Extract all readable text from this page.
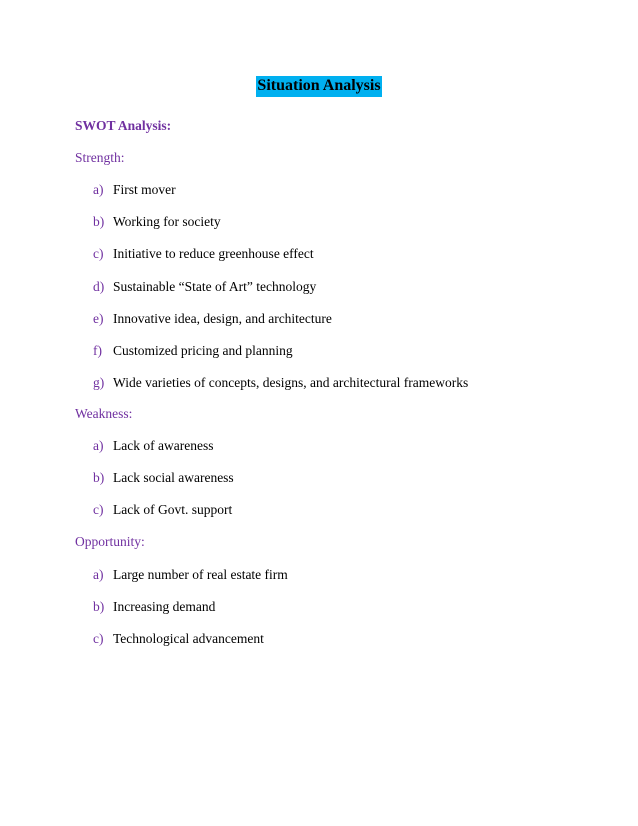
Situation Analysis
SWOT Analysis:
Strength:
a) First mover
b) Working for society
c) Initiative to reduce greenhouse effect
d) Sustainable “State of Art” technology
e) Innovative idea, design, and architecture
f) Customized pricing and planning
g) Wide varieties of concepts, designs, and architectural frameworks
Weakness:
a) Lack of awareness
b) Lack social awareness
c) Lack of Govt. support
Opportunity:
a) Large number of real estate firm
b) Increasing demand
c) Technological advancement
